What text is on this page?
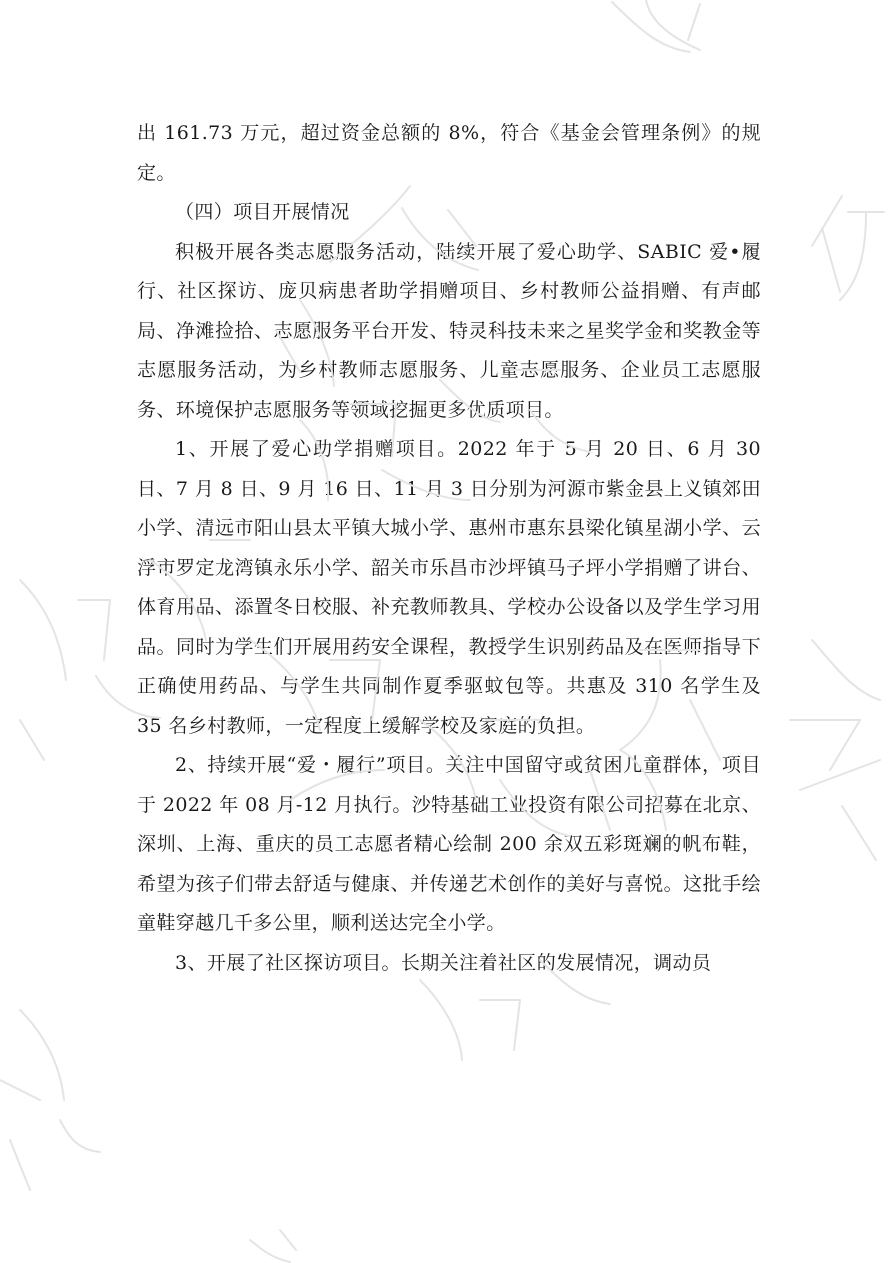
出 161.73 万元，超过资金总额的 8%，符合《基金会管理条例》的规定。

（四）项目开展情况

积极开展各类志愿服务活动，陆续开展了爱心助学、SABIC 爱•履行、社区探访、庞贝病患者助学捐赠项目、乡村教师公益捐赠、有声邮局、净滩捡拾、志愿服务平台开发、特灵科技未来之星奖学金和奖教金等志愿服务活动，为乡村教师志愿服务、儿童志愿服务、企业员工志愿服务、环境保护志愿服务等领域挖掘更多优质项目。

1、开展了爱心助学捐赠项目。2022 年于 5 月 20 日、6 月 30 日、7 月 8 日、9 月 16 日、11 月 3 日分别为河源市紫金县上义镇郊田小学、清远市阳山县太平镇大城小学、惠州市惠东县梁化镇星湖小学、云浮市罗定龙湾镇永乐小学、韶关市乐昌市沙坪镇马子坪小学捐赠了讲台、体育用品、添置冬日校服、补充教师教具、学校办公设备以及学生学习用品。同时为学生们开展用药安全课程，教授学生识别药品及在医师指导下正确使用药品、与学生共同制作夏季驱蚊包等。共惠及 310 名学生及 35 名乡村教师，一定程度上缓解学校及家庭的负担。

2、持续开展“爱・履行”项目。关注中国留守或贫困儿童群体，项目于 2022 年 08 月-12 月执行。沙特基础工业投资有限公司招募在北京、深圳、上海、重庆的员工志愿者精心绘制 200 余双五彩斑斓的帆布鞋，希望为孩子们带去舒适与健康、并传递艺术创作的美好与喜悦。这批手绘童鞋穿越几千多公里，顺利送达完全小学。

3、开展了社区探访项目。长期关注着社区的发展情况，调动员
